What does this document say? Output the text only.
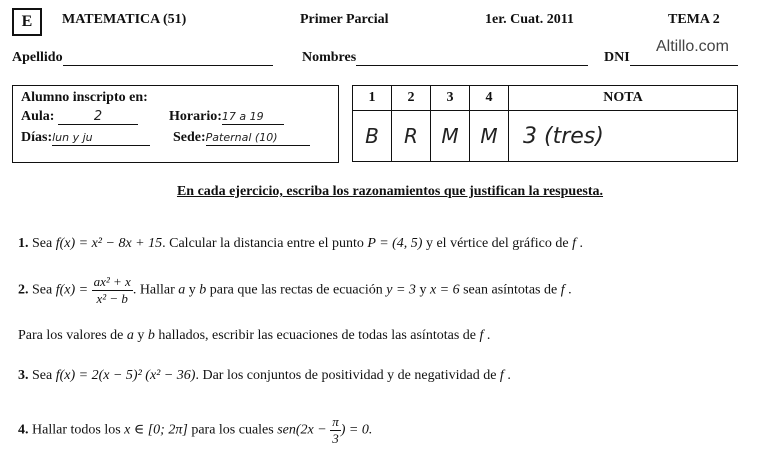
E	MATEMATICA (51)	Primer Parcial	1er. Cuat. 2011	TEMA 2
Apellido	Nombres	DNI
Altillo.com
Alumno inscripto en:
Aula:	2	Horario:17 a 19
Días:lun y ju	Sede:Paternal (10)
1	2	3	4	NOTA
B	R	M	M	3 (tres)
En cada ejercicio, escriba los razonamientos que justifican la respuesta.
1. Sea f(x) = x² − 8x + 15. Calcular la distancia entre el punto P = (4, 5) y el vértice del gráfico de f .
2. Sea $f(x) = \frac{\text{ax² + x}}{\text{x² − b}}$ . Hallar a y b para que las rectas de ecuación y = 3 y x = 6 sean asíntotas de f .
Para los valores de a y b hallados, escribir las ecuaciones de todas las asíntotas de f .
3. Sea f(x) = 2(x − 5)² (x² − 36). Dar los conjuntos de positividad y de negatividad de f .
4. Hallar todos los x ∈ [0; 2π] para los cuales $sen(2x - \frac{\pi}{3}$ ) = 0.
